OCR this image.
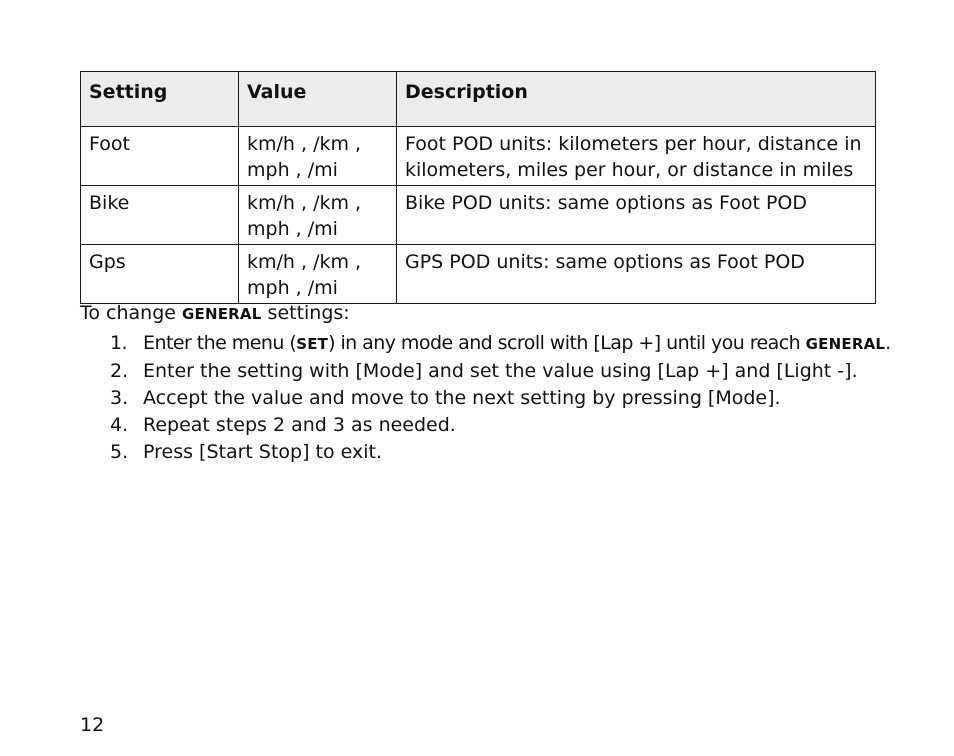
Setting	Value	Description
Foot	km/h , /km , mph , /mi	Foot POD units: kilometers per hour, distance in kilometers, miles per hour, or distance in miles
Bike	km/h , /km , mph , /mi	Bike POD units: same options as Foot POD
Gps	km/h , /km , mph , /mi	GPS POD units: same options as Foot POD
To change GENERAL settings:
1. Enter the menu (SET) in any mode and scroll with [Lap +] until you reach GENERAL.
2. Enter the setting with [Mode] and set the value using [Lap +] and [Light -].
3. Accept the value and move to the next setting by pressing [Mode].
4. Repeat steps 2 and 3 as needed.
5. Press [Start Stop] to exit.
12
